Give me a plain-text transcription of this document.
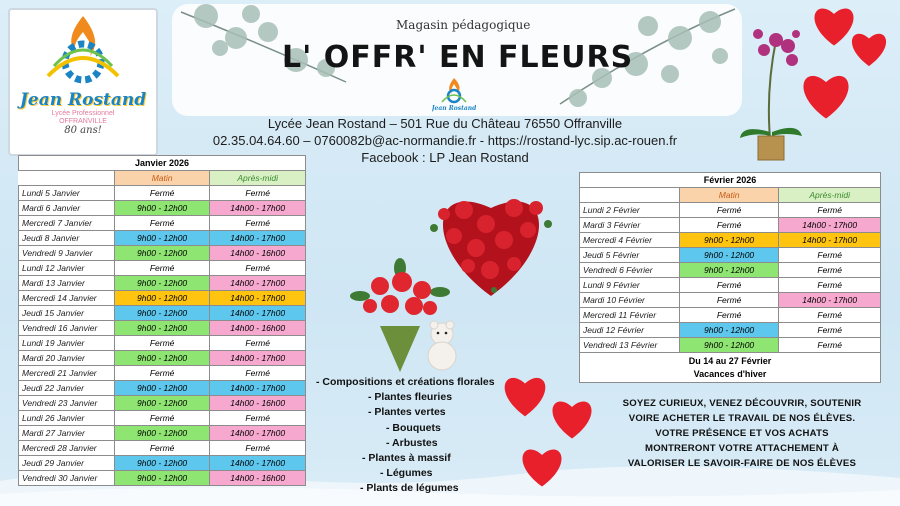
Jean Rostand
Lycée Professionnel
OFFRANVILLE
80 ans!
Magasin pédagogique
L' OFFR' EN FLEURS
Jean Rostand
Lycée Jean Rostand – 501 Rue du Château 76550 Offranville
02.35.04.64.60 – 0760082b@ac-normandie.fr - https://rostand-lyc.sip.ac-rouen.fr
Facebook : LP Jean Rostand
Janvier 2026		
	Matin	Après-midi
Lundi 5 Janvier	Fermé	Fermé
Mardi 6 Janvier	9h00 - 12h00	14h00 - 17h00
Mercredi 7 Janvier	Fermé	Fermé
Jeudi 8 Janvier	9h00 - 12h00	14h00 - 17h00
Vendredi 9 Janvier	9h00 - 12h00	14h00 - 16h00
Lundi 12 Janvier	Fermé	Fermé
Mardi 13 Janvier	9h00 - 12h00	14h00 - 17h00
Mercredi 14 Janvier	9h00 - 12h00	14h00 - 17h00
Jeudi 15 Janvier	9h00 - 12h00	14h00 - 17h00
Vendredi 16 Janvier	9h00 - 12h00	14h00 - 16h00
Lundi 19 Janvier	Fermé	Fermé
Mardi 20 Janvier	9h00 - 12h00	14h00 - 17h00
Mercredi 21 Janvier	Fermé	Fermé
Jeudi 22 Janvier	9h00 - 12h00	14h00 - 17h00
Vendredi 23 Janvier	9h00 - 12h00	14h00 - 16h00
Lundi 26 Janvier	Fermé	Fermé
Mardi 27 Janvier	9h00 - 12h00	14h00 - 17h00
Mercredi 28 Janvier	Fermé	Fermé
Jeudi 29 Janvier	9h00 - 12h00	14h00 - 17h00
Vendredi 30 Janvier	9h00 - 12h00	14h00 - 16h00
Février 2026		
	Matin	Après-midi
Lundi 2 Février	Fermé	Fermé
Mardi 3 Février	Fermé	14h00 - 17h00
Mercredi 4 Février	9h00 - 12h00	14h00 - 17h00
Jeudi 5 Février	9h00 - 12h00	Fermé
Vendredi 6 Février	9h00 - 12h00	Fermé
Lundi 9 Février	Fermé	Fermé
Mardi 10 Février	Fermé	14h00 - 17h00
Mercredi 11 Février	Fermé	Fermé
Jeudi 12 Février	9h00 - 12h00	Fermé
Vendredi 13 Février	9h00 - 12h00	Fermé
Du 14 au 27 Février
Vacances d'hiver		
- Compositions et créations florales
- Plantes fleuries
- Plantes vertes
- Bouquets
- Arbustes
- Plantes à massif
- Légumes
- Plants de légumes
SOYEZ CURIEUX, VENEZ DÉCOUVRIR, SOUTENIR
VOIRE ACHETER LE TRAVAIL DE NOS ÉLÈVES.
VOTRE PRÉSENCE ET VOS ACHATS
MONTRERONT VOTRE ATTACHEMENT À
VALORISER LE SAVOIR-FAIRE DE NOS ÉLÈVES
